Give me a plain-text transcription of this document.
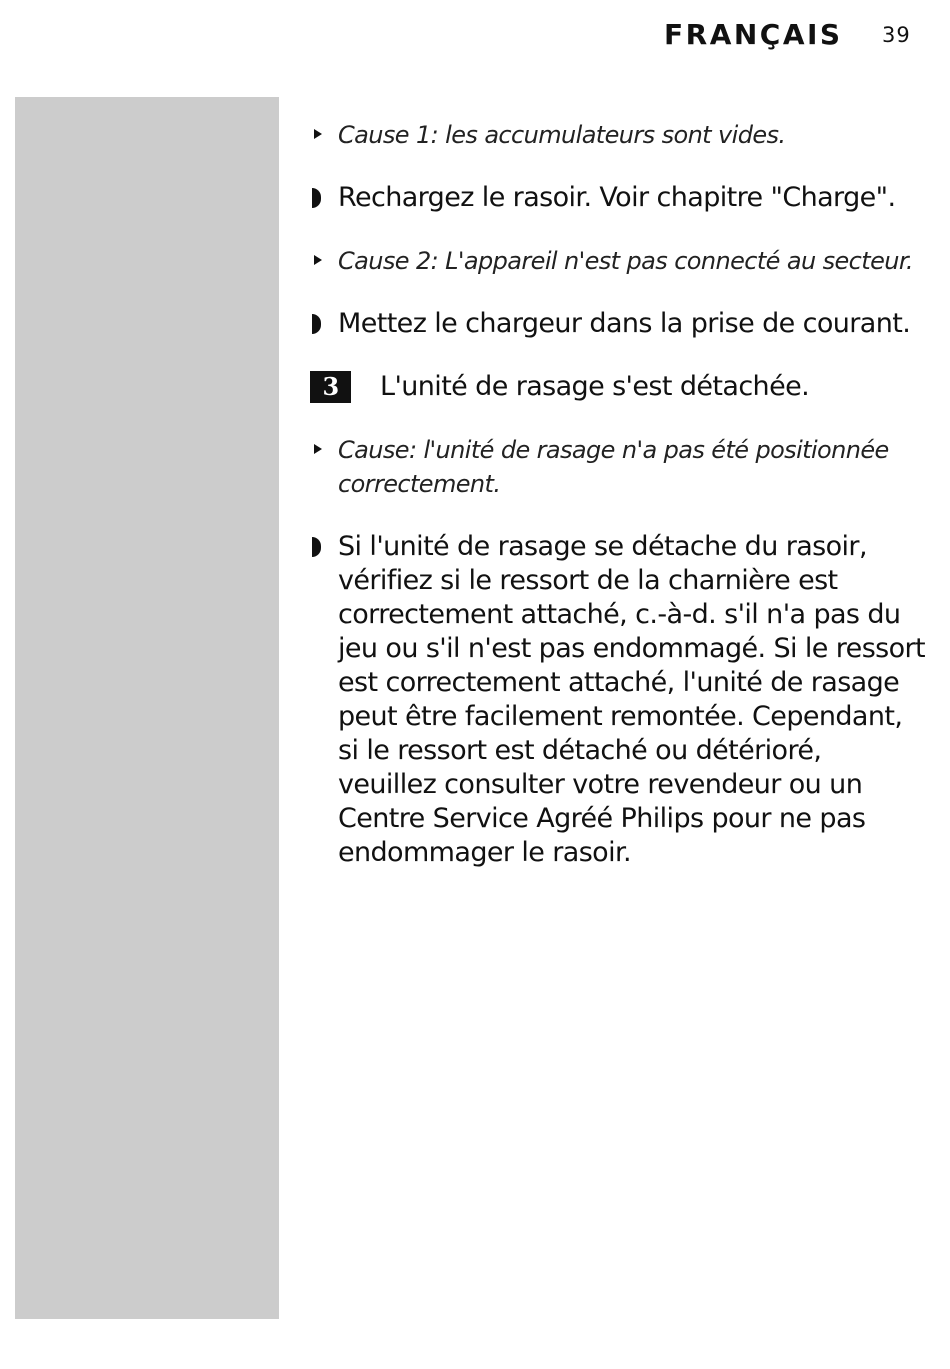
FRANÇAIS 39
Cause 1: les accumulateurs sont vides.
Rechargez le rasoir. Voir chapitre "Charge".
Cause 2: L'appareil n'est pas connecté au secteur.
Mettez le chargeur dans la prise de courant.
3	L'unité de rasage s'est détachée.
Cause: l'unité de rasage n'a pas été positionnée correctement.
Si l'unité de rasage se détache du rasoir, vérifiez si le ressort de la charnière est correctement attaché, c.-à-d. s'il n'a pas du jeu ou s'il n'est pas endommagé. Si le ressort est correctement attaché, l'unité de rasage peut être facilement remontée. Cependant, si le ressort est détaché ou détérioré, veuillez consulter votre revendeur ou un Centre Service Agréé Philips pour ne pas endommager le rasoir.
